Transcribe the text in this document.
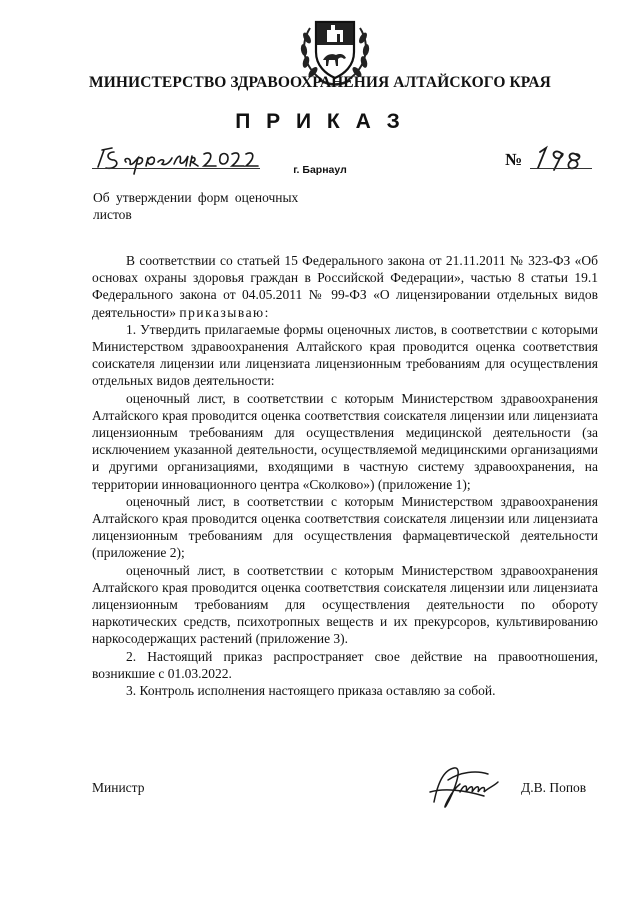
МИНИСТЕРСТВО ЗДРАВООХРАНЕНИЯ АЛТАЙСКОГО КРАЯ
П Р И К А З
г. Барнаул
№
Об утверждении форм оценочных листов

В соответствии со статьей 15 Федерального закона от 21.11.2011 № 323-ФЗ «Об основах охраны здоровья граждан в Российской Федерации», частью 8 статьи 19.1 Федерального закона от 04.05.2011 № 99-ФЗ «О лицензировании отдельных видов деятельности» приказываю:

1. Утвердить прилагаемые формы оценочных листов, в соответствии с которыми Министерством здравоохранения Алтайского края проводится оценка соответствия соискателя лицензии или лицензиата лицензионным требованиям для осуществления отдельных видов деятельности:

оценочный лист, в соответствии с которым Министерством здравоохранения Алтайского края проводится оценка соответствия соискателя лицензии или лицензиата лицензионным требованиям для осуществления медицинской деятельности (за исключением указанной деятельности, осуществляемой медицинскими организациями и другими организациями, входящими в частную систему здравоохранения, на территории инновационного центра «Сколково») (приложение 1);

оценочный лист, в соответствии с которым Министерством здравоохранения Алтайского края проводится оценка соответствия соискателя лицензии или лицензиата лицензионным требованиям для осуществления фармацевтической деятельности (приложение 2);

оценочный лист, в соответствии с которым Министерством здравоохранения Алтайского края проводится оценка соответствия соискателя лицензии или лицензиата лицензионным требованиям для осуществления деятельности по обороту наркотических средств, психотропных веществ и их прекурсоров, культивированию наркосодержащих растений (приложение 3).

2. Настоящий приказ распространяет свое действие на правоотношения, возникшие с 01.03.2022.

3. Контроль исполнения настоящего приказа оставляю за собой.

Министр	Д.В. Попов
